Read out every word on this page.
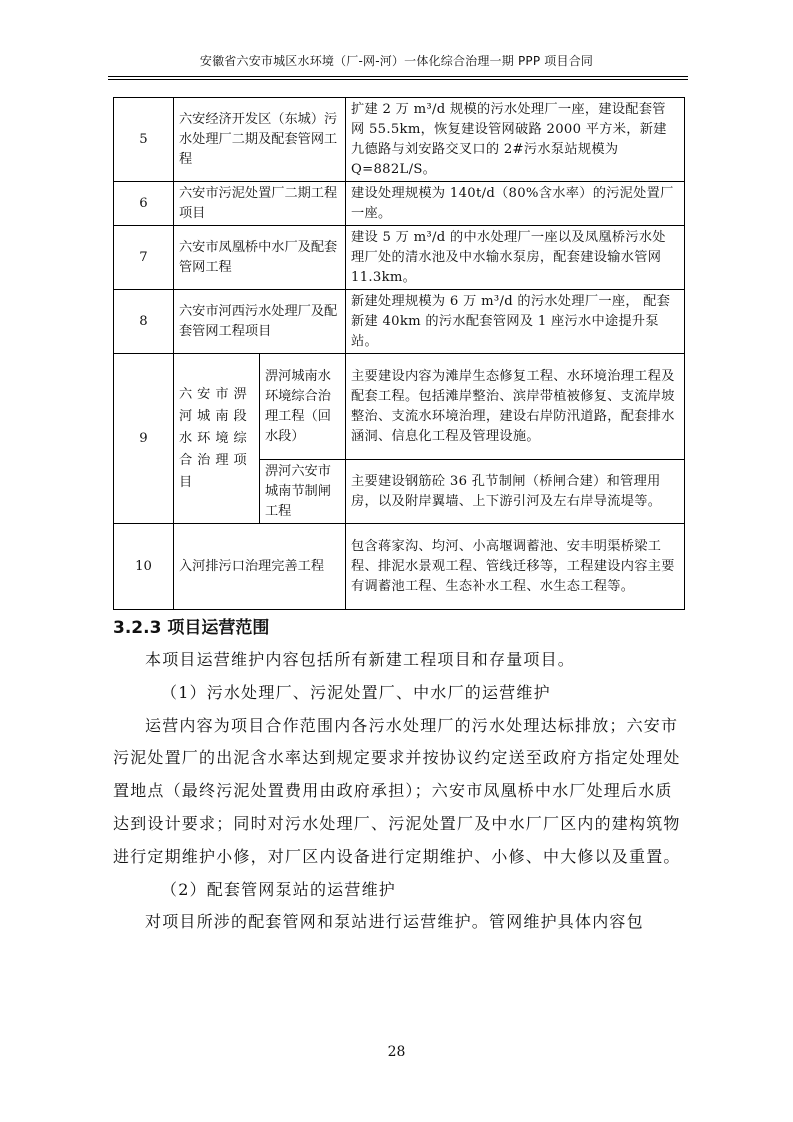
安徽省六安市城区水环境（厂-网-河）一体化综合治理一期 PPP 项目合同
5	六安经济开发区（东城）污水处理厂二期及配套管网工程		扩建 2 万 m³/d 规模的污水处理厂一座，建设配套管网 55.5km，恢复建设管网破路 2000 平方米，新建九德路与刘安路交叉口的 2#污水泵站规模为 Q=882L/S。
6	六安市污泥处置厂二期工程项目		建设处理规模为 140t/d（80%含水率）的污泥处置厂一座。
7	六安市凤凰桥中水厂及配套管网工程		建设 5 万 m³/d 的中水处理厂一座以及凤凰桥污水处理厂处的清水池及中水输水泵房，配套建设输水管网 11.3km。
8	六安市河西污水处理厂及配套管网工程项目		新建处理规模为 6 万 m³/d 的污水处理厂一座， 配套新建 40km 的污水配套管网及 1 座污水中途提升泵站。
9	六安市淠河城南段水环境综合治理项目	淠河城南水环境综合治理工程（回水段）	主要建设内容为滩岸生态修复工程、水环境治理工程及配套工程。包括滩岸整治、滨岸带植被修复、支流岸坡整治、支流水环境治理，建设右岸防汛道路，配套排水涵洞、信息化工程及管理设施。
		淠河六安市城南节制闸工程	主要建设钢筋砼 36 孔节制闸（桥闸合建）和管理用房，以及附岸翼墙、上下游引河及左右岸导流堤等。
10	入河排污口治理完善工程		包含蒋家沟、均河、小高堰调蓄池、安丰明渠桥梁工程、排泥水景观工程、管线迁移等，工程建设内容主要有调蓄池工程、生态补水工程、水生态工程等。
3.2.3 项目运营范围

本项目运营维护内容包括所有新建工程项目和存量项目。

（1）污水处理厂、污泥处置厂、中水厂的运营维护

运营内容为项目合作范围内各污水处理厂的污水处理达标排放；六安市污泥处置厂的出泥含水率达到规定要求并按协议约定送至政府方指定处理处置地点（最终污泥处置费用由政府承担）；六安市凤凰桥中水厂处理后水质达到设计要求；同时对污水处理厂、污泥处置厂及中水厂厂区内的建构筑物进行定期维护小修，对厂区内设备进行定期维护、小修、中大修以及重置。

（2）配套管网泵站的运营维护

对项目所涉的配套管网和泵站进行运营维护。管网维护具体内容包

28
